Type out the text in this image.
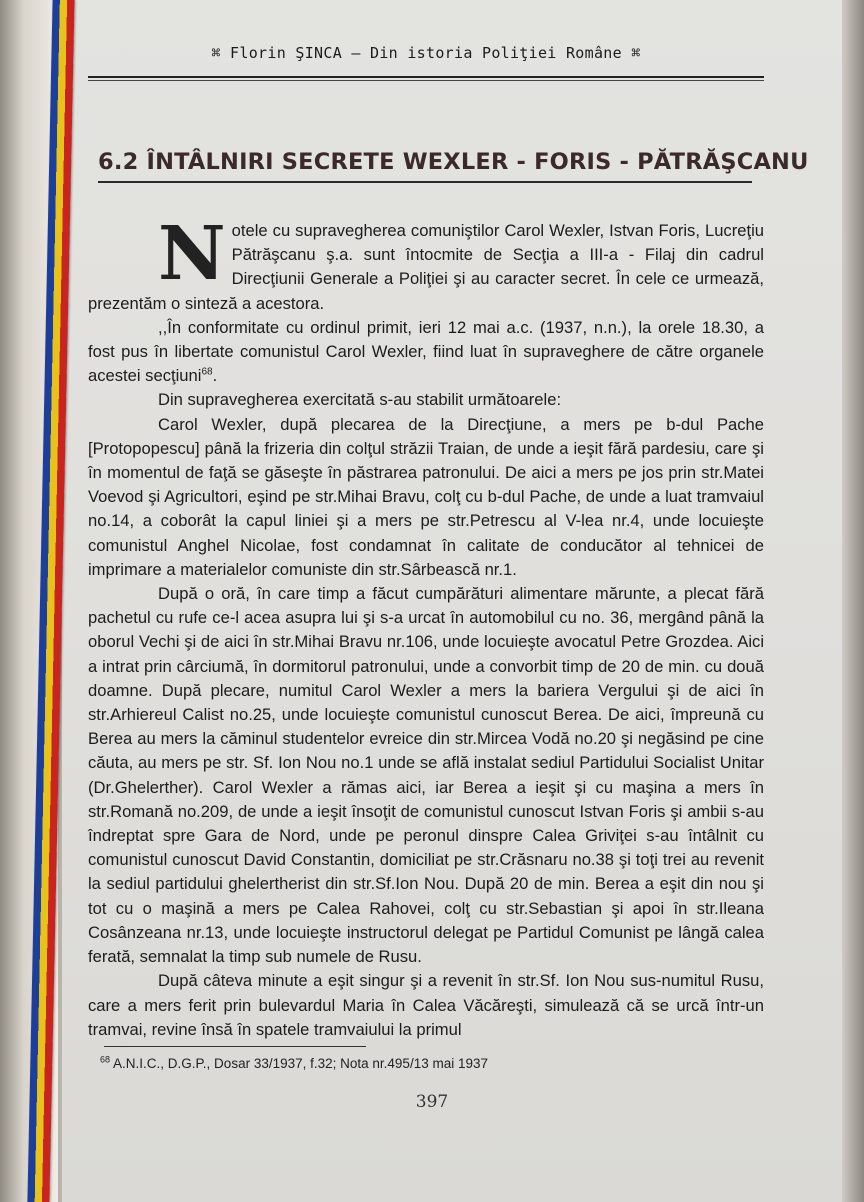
⌘ Florin ŞINCA – Din istoria Poliţiei Române ⌘
6.2 ÎNTÂLNIRI SECRETE WEXLER - FORIS - PĂTRĂŞCANU

Notele cu supravegherea comuniştilor Carol Wexler, Istvan Foris, Lucreţiu Pătrăşcanu ş.a. sunt întocmite de Secţia a III-a - Filaj din cadrul Direcţiunii Generale a Poliţiei şi au caracter secret. În cele ce urmează, prezentăm o sinteză a acestora.

,,În conformitate cu ordinul primit, ieri 12 mai a.c. (1937, n.n.), la orele 18.30, a fost pus în libertate comunistul Carol Wexler, fiind luat în supraveghere de către organele acestei secţiuni$^{68}$.

Din supravegherea exercitată s-au stabilit următoarele:

Carol Wexler, după plecarea de la Direcţiune, a mers pe b-dul Pache [Protopopescu] până la frizeria din colţul străzii Traian, de unde a ieşit fără pardesiu, care şi în momentul de faţă se găseşte în păstrarea patronului. De aici a mers pe jos prin str.Matei Voevod şi Agricultori, eşind pe str.Mihai Bravu, colţ cu b-dul Pache, de unde a luat tramvaiul no.14, a coborât la capul liniei şi a mers pe str.Petrescu al V-lea nr.4, unde locuieşte comunistul Anghel Nicolae, fost condamnat în calitate de conducător al tehnicei de imprimare a materialelor comuniste din str.Sârbească nr.1.

După o oră, în care timp a făcut cumpărături alimentare mărunte, a plecat fără pachetul cu rufe ce-l acea asupra lui şi s-a urcat în automobilul cu no. 36, mergând până la oborul Vechi şi de aici în str.Mihai Bravu nr.106, unde locuieşte avocatul Petre Grozdea. Aici a intrat prin cârciumă, în dormitorul patronului, unde a convorbit timp de 20 de min. cu două doamne. După plecare, numitul Carol Wexler a mers la bariera Vergului şi de aici în str.Arhiereul Calist no.25, unde locuieşte comunistul cunoscut Berea. De aici, împreună cu Berea au mers la căminul studentelor evreice din str.Mircea Vodă no.20 şi negăsind pe cine căuta, au mers pe str. Sf. Ion Nou no.1 unde se află instalat sediul Partidului Socialist Unitar (Dr.Ghelerther). Carol Wexler a rămas aici, iar Berea a ieşit şi cu maşina a mers în str.Romană no.209, de unde a ieşit însoţit de comunistul cunoscut Istvan Foris şi ambii s-au îndreptat spre Gara de Nord, unde pe peronul dinspre Calea Griviţei s-au întâlnit cu comunistul cunoscut David Constantin, domiciliat pe str.Crăsnaru no.38 şi toţi trei au revenit la sediul partidului ghelertherist din str.Sf.Ion Nou. După 20 de min. Berea a eşit din nou şi tot cu o maşină a mers pe Calea Rahovei, colţ cu str.Sebastian şi apoi în str.Ileana Cosânzeana nr.13, unde locuieşte instructorul delegat pe Partidul Comunist pe lângă calea ferată, semnalat la timp sub numele de Rusu.

După câteva minute a eşit singur şi a revenit în str.Sf. Ion Nou sus-numitul Rusu, care a mers ferit prin bulevardul Maria în Calea Văcăreşti, simulează că se urcă într-un tramvai, revine însă în spatele tramvaiului la primul

$^{68}$ A.N.I.C., D.G.P., Dosar 33/1937, f.32; Nota nr.495/13 mai 1937
397
